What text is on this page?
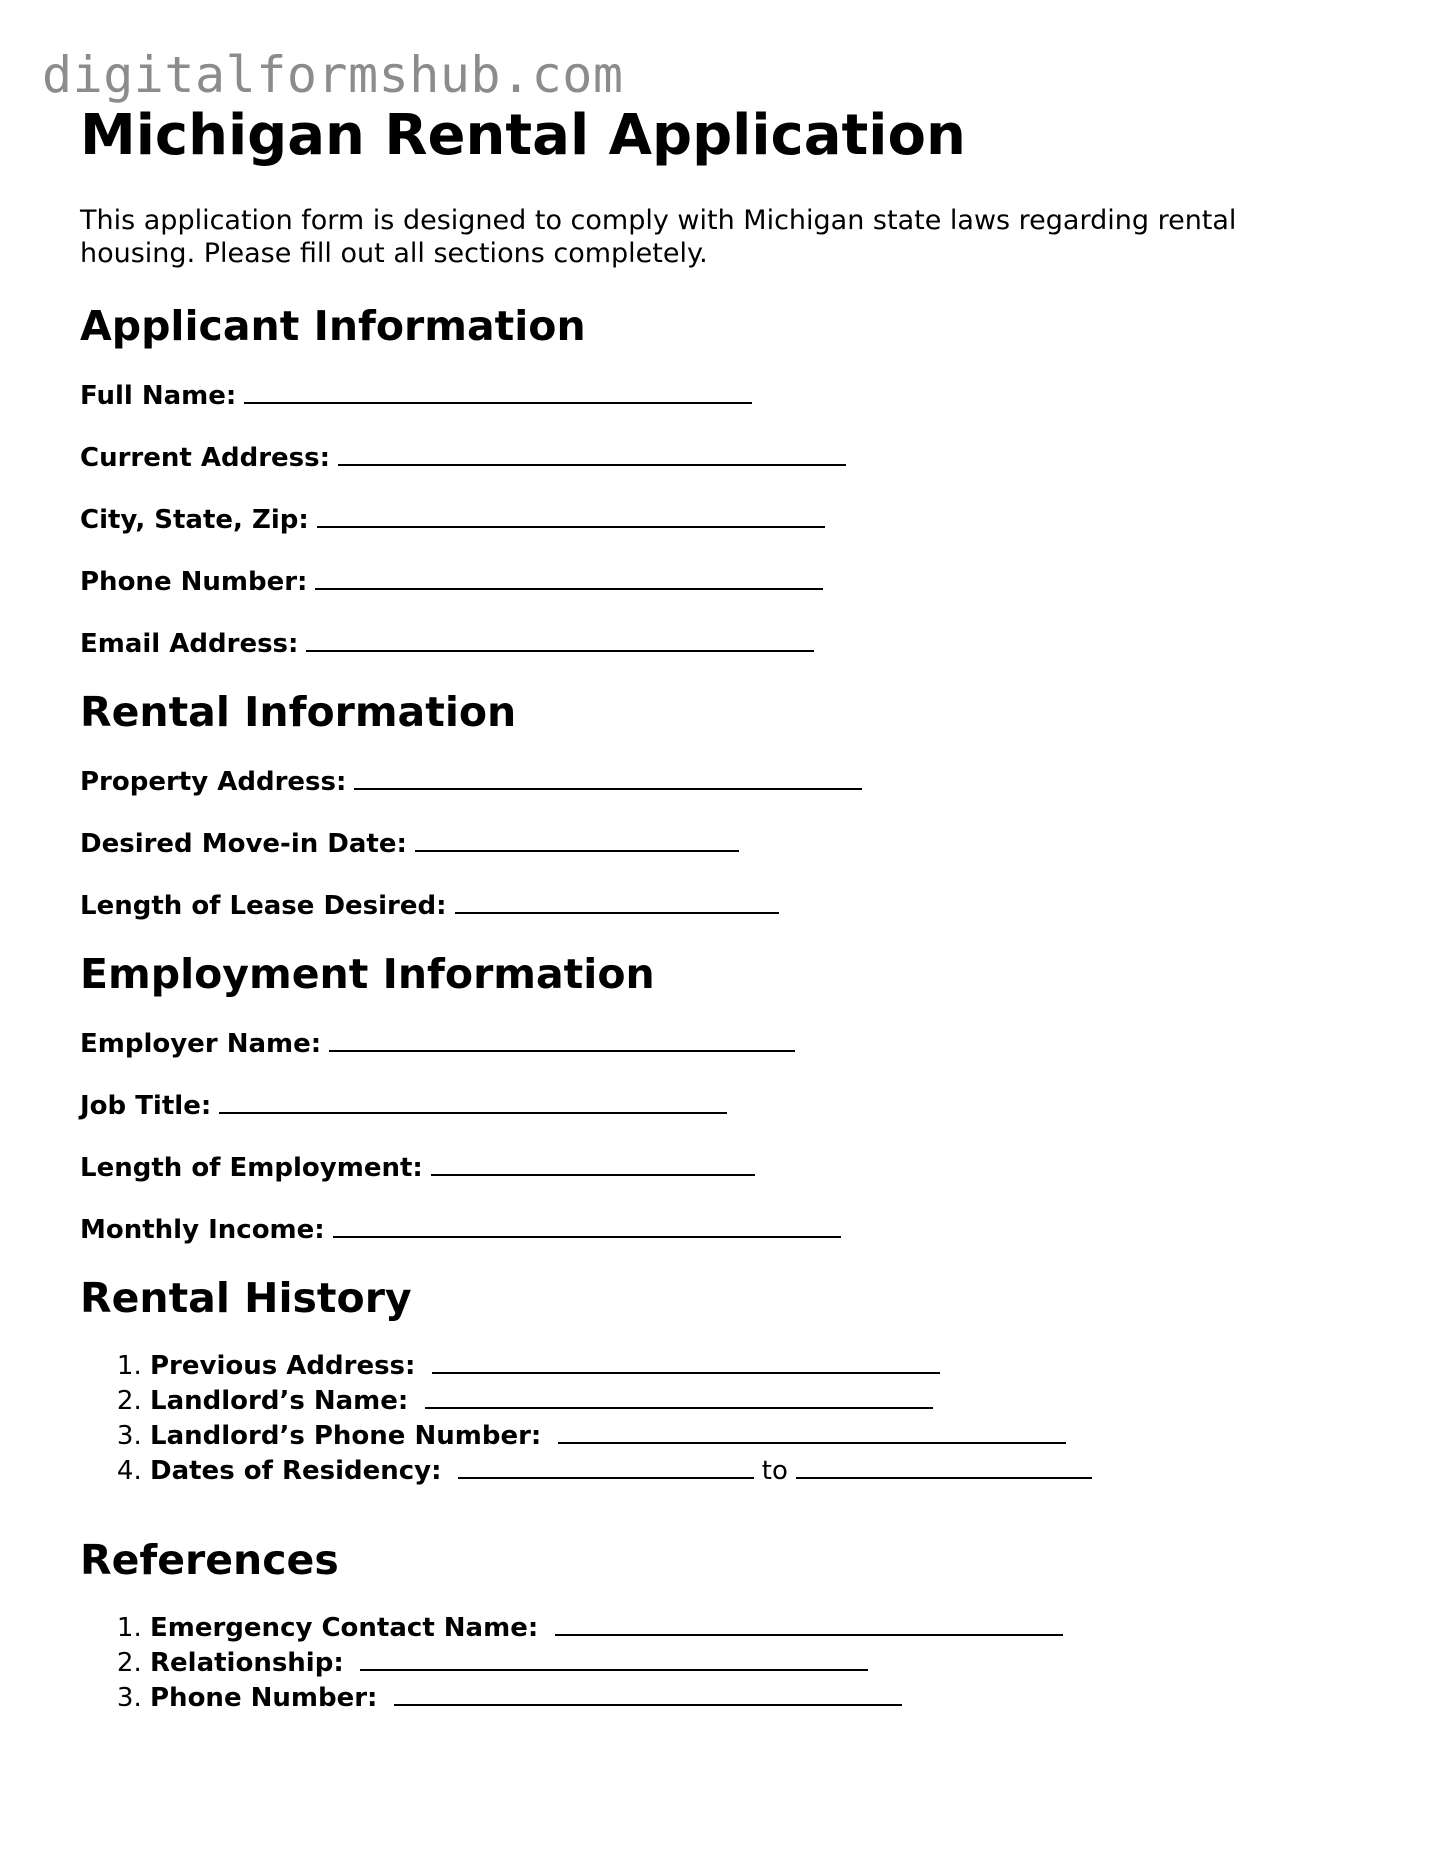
digitalformshub.com
Michigan Rental Application

This application form is designed to comply with Michigan state laws regarding rental housing. Please fill out all sections completely.

Applicant Information
Full Name:
Current Address:
City, State, Zip:
Phone Number:
Email Address:
Rental Information
Property Address:
Desired Move-in Date:
Length of Lease Desired:
Employment Information
Employer Name:
Job Title:
Length of Employment:
Monthly Income:
Rental History
1. Previous Address:
2. Landlord’s Name:
3. Landlord’s Phone Number:
4. Dates of Residency:	to
References
1. Emergency Contact Name:
2. Relationship:
3. Phone Number:
